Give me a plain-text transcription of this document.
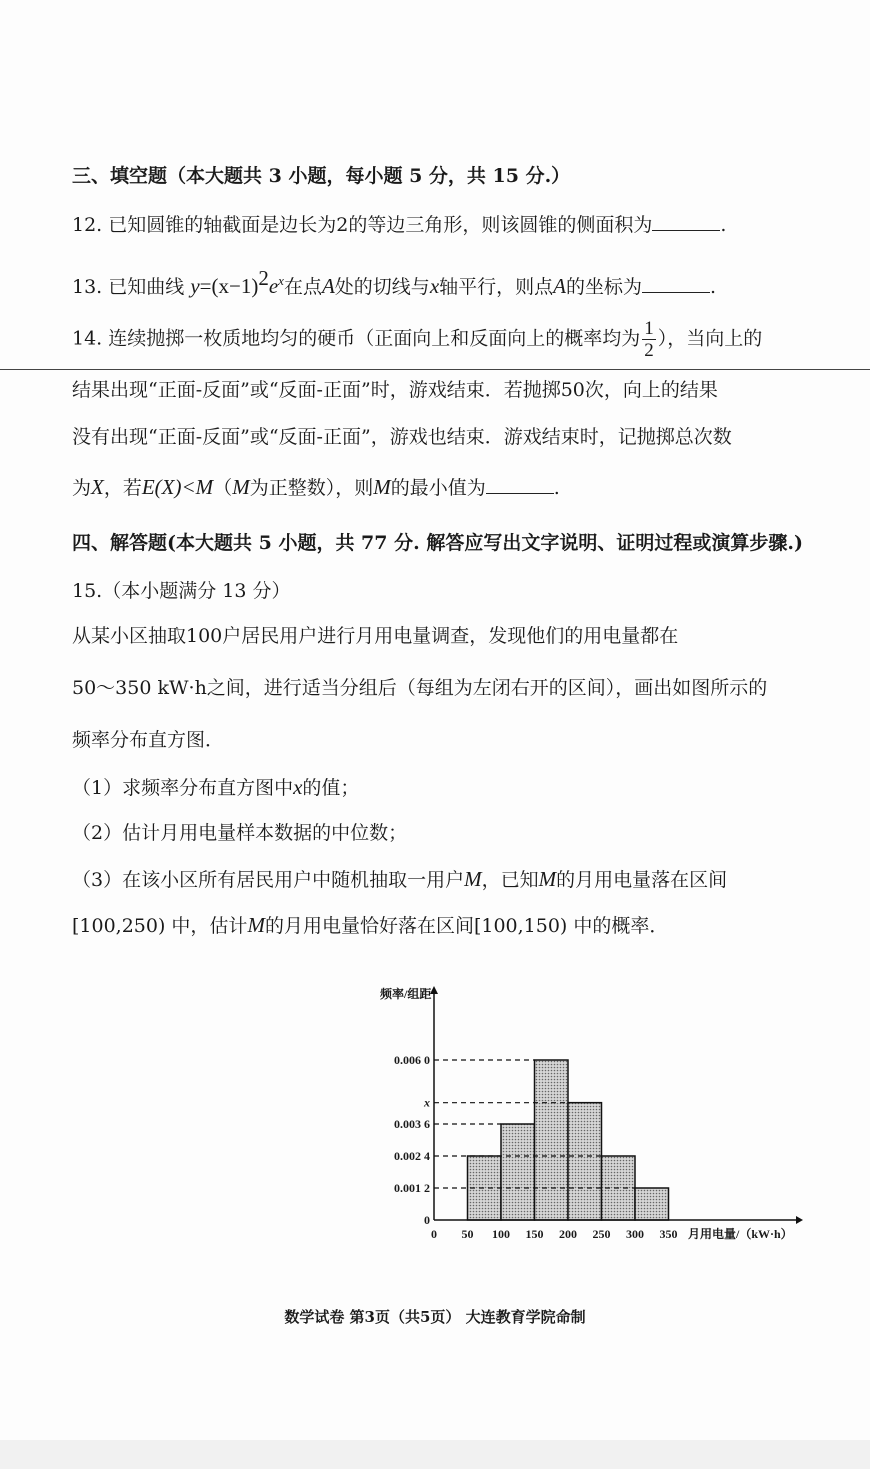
三、填空题（本大题共 3 小题，每小题 5 分，共 15 分.）
12. 已知圆锥的轴截面是边长为2的等边三角形，则该圆锥的侧面积为	.
13. 已知曲线 $y=(x-1)^2e^x$在点A处的切线与x轴平行，则点A的坐标为	.
14. 连续抛掷一枚质地均匀的硬币（正面向上和反面向上的概率均为 $\frac{1}{2}$ ），当向上的
结果出现“正面-反面”或“反面-正面”时，游戏结束．若抛掷50次，向上的结果
没有出现“正面-反面”或“反面-正面”，游戏也结束．游戏结束时，记抛掷总次数
为X，若E(X)<M（M为正整数），则M的最小值为	.
四、解答题(本大题共 5 小题，共 77 分. 解答应写出文字说明、证明过程或演算步骤.)
15.（本小题满分 13 分）
从某小区抽取100户居民用户进行月用电量调查，发现他们的用电量都在
50～350 kW·h之间，进行适当分组后（每组为左闭右开的区间），画出如图所示的
频率分布直方图．
（1）求频率分布直方图中x的值；
（2）估计月用电量样本数据的中位数；
（3）在该小区所有居民用户中随机抽取一用户M，已知M的月用电量落在区间
[100,250) 中，估计M的月用电量恰好落在区间[100,150) 中的概率．
0 50 100 150 200 250 300 350
0
0.001 2
0.002 4
0.003 6
x
0.006 0
频率/组距
月用电量/（kW·h）
数学试卷 第3页（共5页） 大连教育学院命制
